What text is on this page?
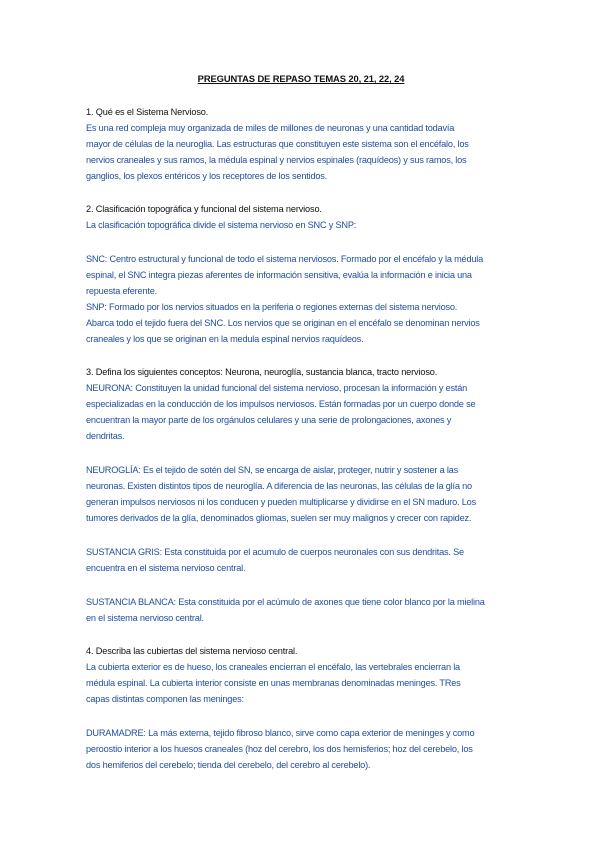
PREGUNTAS DE REPASO TEMAS 20, 21, 22, 24

1. Qué es el Sistema Nervioso.

Es una red compleja muy organizada de miles de millones de neuronas y una cantidad todavía

mayor de células de la neuroglia. Las estructuras que constituyen este sistema son el encéfalo, los

nervios craneales y sus ramos, la médula espinal y nervios espinales (raquídeos) y sus ramos, los

ganglios, los plexos entéricos y los receptores de los sentidos.

2. Clasificación topográfica y funcional del sistema nervioso.

La clasificación topográfica divide el sistema nervioso en SNC y SNP:

SNC: Centro estructural y funcional de todo el sistema nerviosos. Formado por el encéfalo y la médula

espinal, el SNC integra piezas aferentes de información sensitiva, evalúa la información e inicia una

repuesta eferente.

SNP: Formado por los nervios situados en la periferia o regiones externas del sistema nervioso.

Abarca todo el tejido fuera del SNC. Los nervios que se originan en el encéfalo se denominan nervios

craneales y los que se originan en la medula espinal nervios raquídeos.

3. Defina los siguientes conceptos: Neurona, neuroglía, sustancia blanca, tracto nervioso.

NEURONA: Constituyen la unidad funcional del sistema nervioso, procesan la información y están

especializadas en la conducción de los impulsos nerviosos. Están formadas por un cuerpo donde se

encuentran la mayor parte de los orgánulos celulares y una serie de prolongaciones, axones y

dendritas.

NEUROGLÍA: Es el tejido de sotén del SN, se encarga de aislar, proteger, nutrir y sostener a las

neuronas. Existen distintos tipos de neuroglía. A diferencia de las neuronas, las células de la glía no

generan impulsos nerviosos ni los conducen y pueden multiplicarse y dividirse en el SN maduro. Los

tumores derivados de la glía, denominados gliomas, suelen ser muy malignos y crecer con rapidez.

SUSTANCIA GRIS: Esta constituida por el acumulo de cuerpos neuronales con sus dendritas. Se

encuentra en el sistema nervioso central.

SUSTANCIA BLANCA: Esta constituida por el acúmulo de axones que tiene color blanco por la mielina

en el sistema nervioso central.

4. Describa las cubiertas del sistema nervioso central.

La cubierta exterior es de hueso, los craneales encierran el encéfalo, las vertebrales encierran la

médula espinal. La cubierta interior consiste en unas membranas denominadas meninges. TRes

capas distintas componen las meninges:

DURAMADRE: La más externa, tejido fibroso blanco, sirve como capa exterior de meninges y como

peroostio interior a los huesos craneales (hoz del cerebro, los dos hemisferios; hoz del cerebelo, los

dos hemiferios del cerebelo; tienda del cerebelo, del cerebro al cerebelo).
